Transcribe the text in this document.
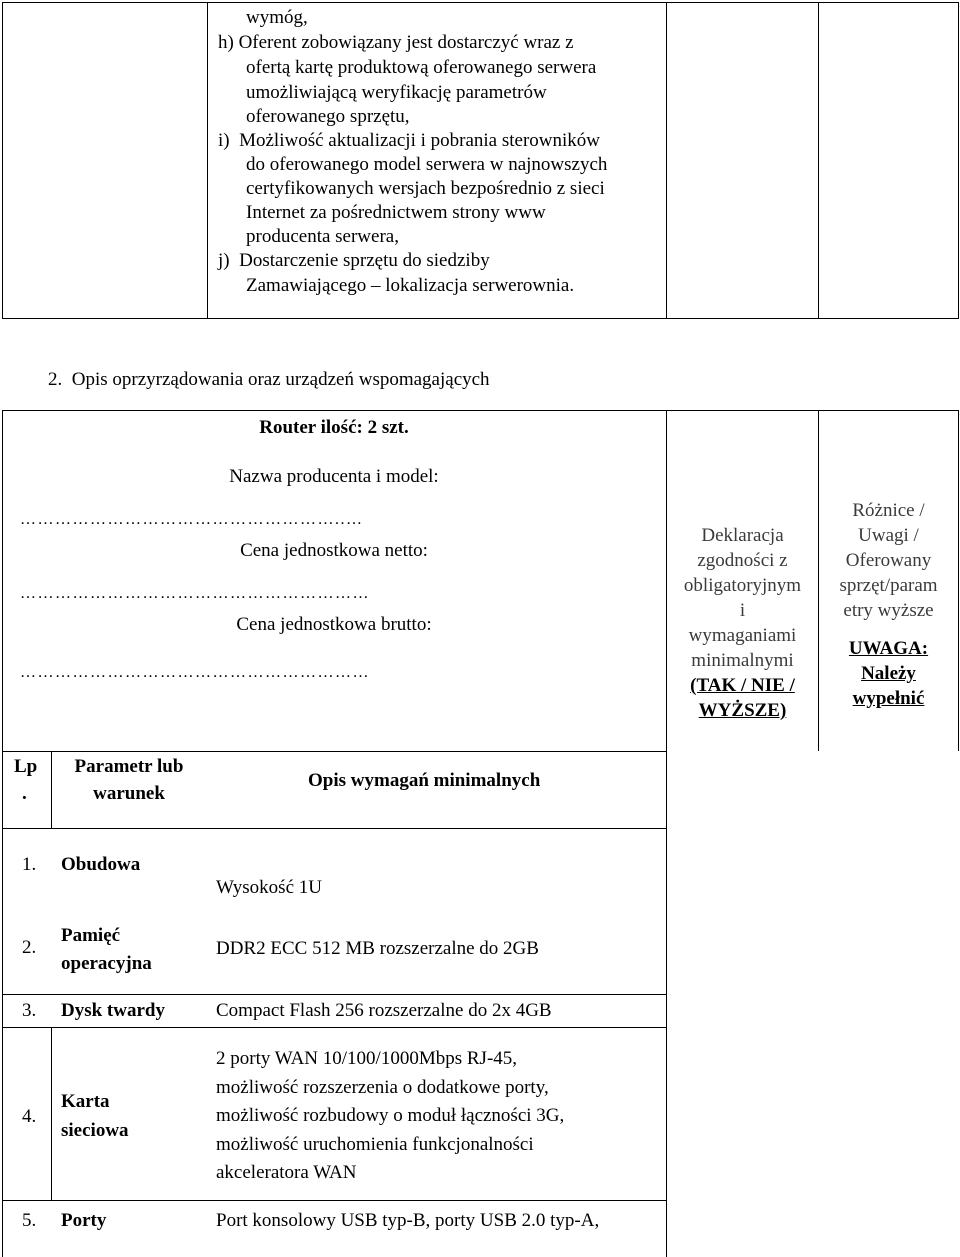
wymóg,
h) Oferent zobowiązany jest dostarczyć wraz z
ofertą kartę produktową oferowanego serwera
umożliwiającą weryfikację parametrów
oferowanego sprzętu,
i)  Możliwość aktualizacji i pobrania sterowników
do oferowanego model serwera w najnowszych
certyfikowanych wersjach bezpośrednio z sieci
Internet za pośrednictwem strony www
producenta serwera,
j)  Dostarczenie sprzętu do siedziby
Zamawiającego – lokalizacja serwerownia.
2.  Opis oprzyrządowania oraz urządzeń wspomagających
Router ilość: 2 szt.
Nazwa producenta i model:
………………………………………………..…
Cena jednostkowa netto:
……………………………………………………
Cena jednostkowa brutto:
……………………………………………………
Deklaracja
zgodności z
obligatoryjnym
i
wymaganiami
minimalnymi
(TAK / NIE /
WYŻSZE)
Różnice /
Uwagi /
Oferowany
sprzęt/param
etry wyższe
UWAGA:
Należy
wypełnić
Lp
.
Parametr lub
warunek
Opis wymagań minimalnych
1. Obudowa
Wysokość 1U
2.
Pamięć
operacyjna
DDR2 ECC 512 MB rozszerzalne do 2GB
3. Dysk twardy	Compact Flash 256 rozszerzalne do 2x 4GB
4.
Karta
sieciowa
2 porty WAN 10/100/1000Mbps RJ-45,
możliwość rozszerzenia o dodatkowe porty,
możliwość rozbudowy o moduł łączności 3G,
możliwość uruchomienia funkcjonalności
akceleratora WAN
5. Porty	Port konsolowy USB typ-B, porty USB 2.0 typ-A,
